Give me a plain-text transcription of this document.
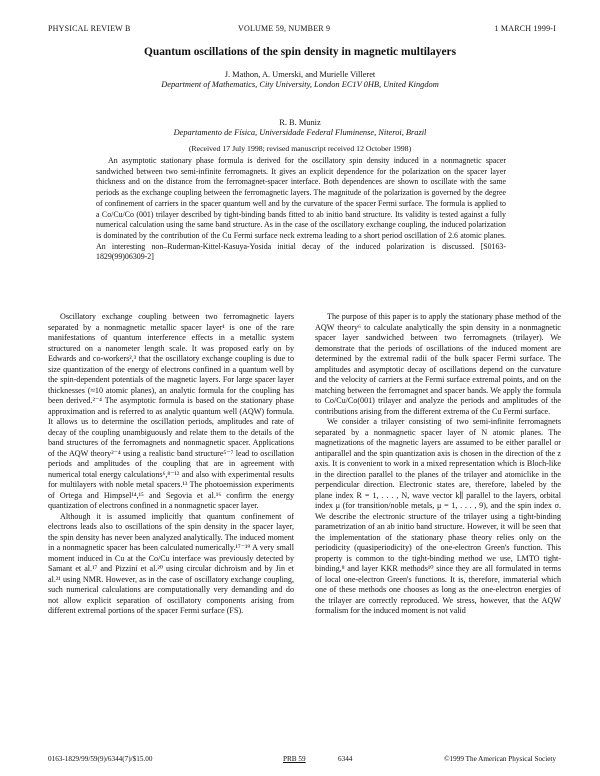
PHYSICAL REVIEW B	VOLUME 59, NUMBER 9	1 MARCH 1999-I
Quantum oscillations of the spin density in magnetic multilayers
J. Mathon, A. Umerski, and Murielle Villeret
Department of Mathematics, City University, London EC1V 0HB, United Kingdom
R. B. Muniz
Departamento de Física, Universidade Federal Fluminense, Niteroi, Brazil
(Received 17 July 1998; revised manuscript received 12 October 1998)
An asymptotic stationary phase formula is derived for the oscillatory spin density induced in a nonmagnetic spacer sandwiched between two semi-infinite ferromagnets. It gives an explicit dependence for the polarization on the spacer layer thickness and on the distance from the ferromagnet-spacer interface. Both dependences are shown to oscillate with the same periods as the exchange coupling between the ferromagnetic layers. The magnitude of the polarization is governed by the degree of confinement of carriers in the spacer quantum well and by the curvature of the spacer Fermi surface. The formula is applied to a Co/Cu/Co (001) trilayer described by tight-binding bands fitted to ab initio band structure. Its validity is tested against a fully numerical calculation using the same band structure. As in the case of the oscillatory exchange coupling, the induced polarization is dominated by the contribution of the Cu Fermi surface neck extrema leading to a short period oscillation of 2.6 atomic planes. An interesting non–Ruderman-Kittel-Kasuya-Yosida initial decay of the induced polarization is discussed. [S0163-1829(99)06309-2]

Oscillatory exchange coupling between two ferromagnetic layers separated by a nonmagnetic metallic spacer layer¹ is one of the rare manifestations of quantum interference effects in a metallic system structured on a nanometer length scale. It was proposed early on by Edwards and co-workers²,³ that the oscillatory exchange coupling is due to size quantization of the energy of electrons confined in a quantum well by the spin-dependent potentials of the magnetic layers. For large spacer layer thicknesses (≈10 atomic planes), an analytic formula for the coupling has been derived.²⁻⁴ The asymptotic formula is based on the stationary phase approximation and is referred to as analytic quantum well (AQW) formula. It allows us to determine the oscillation periods, amplitudes and rate of decay of the coupling unambiguously and relate them to the details of the band structures of the ferromagnets and nonmagnetic spacer. Applications of the AQW theory²⁻⁴ using a realistic band structure⁵⁻⁷ lead to oscillation periods and amplitudes of the coupling that are in agreement with numerical total energy calculations⁶,⁸⁻¹² and also with experimental results for multilayers with noble metal spacers.¹³ The photoemission experiments of Ortega and Himpsel¹⁴,¹⁵ and Segovia et al.¹⁶ confirm the energy quantization of electrons confined in a nonmagnetic spacer layer.

Although it is assumed implicitly that quantum confinement of electrons leads also to oscillations of the spin density in the spacer layer, the spin density has never been analyzed analytically. The induced moment in a nonmagnetic spacer has been calculated numerically.¹⁷⁻¹⁹ A very small moment induced in Cu at the Co/Cu interface was previously detected by Samant et al.¹⁷ and Pizzini et al.²⁰ using circular dichroism and by Jin et al.²¹ using NMR. However, as in the case of oscillatory exchange coupling, such numerical calculations are computationally very demanding and do not allow explicit separation of oscillatory components arising from different extremal portions of the spacer Fermi surface (FS).

The purpose of this paper is to apply the stationary phase method of the AQW theory⁶ to calculate analytically the spin density in a nonmagnetic spacer layer sandwiched between two ferromagnets (trilayer). We demonstrate that the periods of oscillations of the induced moment are determined by the extremal radii of the bulk spacer Fermi surface. The amplitudes and asymptotic decay of oscillations depend on the curvature and the velocity of carriers at the Fermi surface extremal points, and on the matching between the ferromagnet and spacer bands. We apply the formula to Co/Cu/Co(001) trilayer and analyze the periods and amplitudes of the contributions arising from the different extrema of the Cu Fermi surface.

We consider a trilayer consisting of two semi-infinite ferromagnets separated by a nonmagnetic spacer layer of N atomic planes. The magnetizations of the magnetic layers are assumed to be either parallel or antiparallel and the spin quantization axis is chosen in the direction of the z axis. It is convenient to work in a mixed representation which is Bloch-like in the direction parallel to the planes of the trilayer and atomiclike in the perpendicular direction. Electronic states are, therefore, labeled by the plane index R = 1, . . . , N, wave vector k∥ parallel to the layers, orbital index μ (for transition/noble metals, μ = 1, . . . , 9), and the spin index σ. We describe the electronic structure of the trilayer using a tight-binding parametrization of an ab initio band structure. However, it will be seen that the implementation of the stationary phase theory relies only on the periodicity (quasiperiodicity) of the one-electron Green's function. This property is common to the tight-binding method we use, LMTO tight-binding,⁸ and layer KKR methods¹⁰ since they are all formulated in terms of local one-electron Green's functions. It is, therefore, immaterial which one of these methods one chooses as long as the one-electron energies of the trilayer are correctly reproduced. We stress, however, that the AQW formalism for the induced moment is not valid

0163-1829/99/59(9)/6344(7)/$15.00	PRB 59	6344	©1999 The American Physical Society
